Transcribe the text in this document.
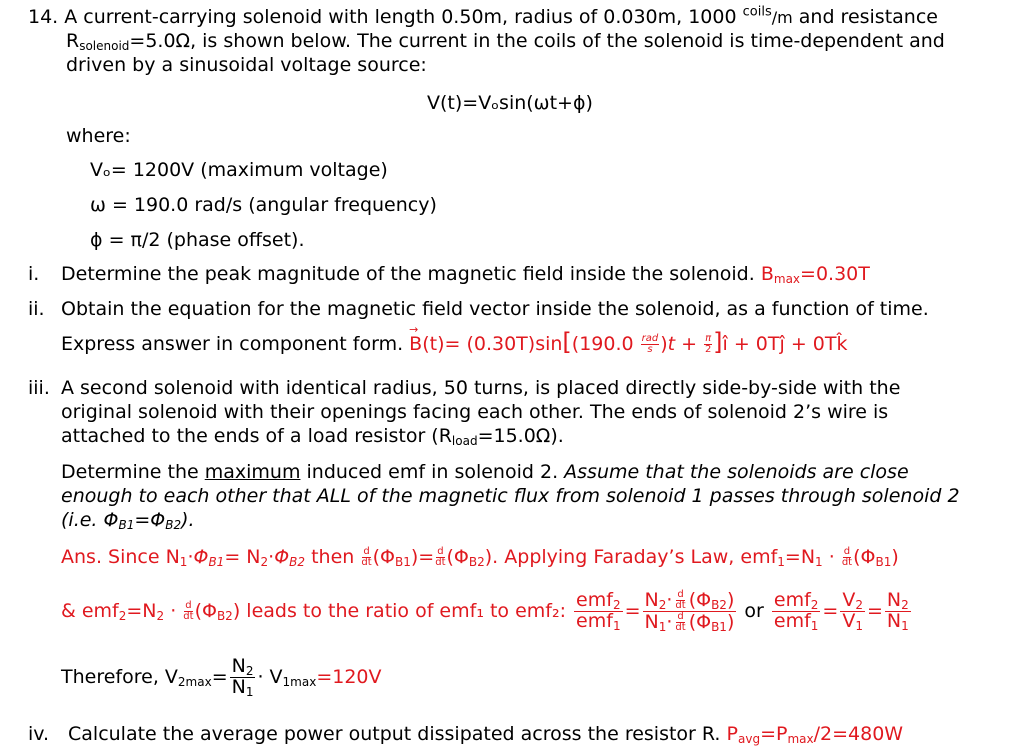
14. A current-carrying solenoid with length 0.50m, radius of 0.030m, 1000 $^{coils}$/m and resistance
$R_{solenoid}=5.0\Omega$, is shown below. The current in the coils of the solenoid is time-dependent and
driven by a sinusoidal voltage source:
V(t)=Vₒsin(ωt+ϕ)
where:
Vₒ= 1200V (maximum voltage)
ω = 190.0 rad/s (angular frequency)
ϕ = π/2 (phase offset).
i. Determine the peak magnitude of the magnetic field inside the solenoid. $B_{max}=0.30T$
ii. Obtain the equation for the magnetic field vector inside the solenoid, as a function of time.
Express answer in component form. → B(t)= (0.30T)sin[(190.0 rad
s )$t + \frac{\pi}{2}$ ]î + 0Tĵ + 0Tk̂
iii. A second solenoid with identical radius, 50 turns, is placed directly side-by-side with the
original solenoid with their openings facing each other. The ends of solenoid 2’s wire is
attached to the ends of a load resistor $(R_{load}=15.0\Omega)$.
Determine the maximum induced emf in solenoid 2. Assume that the solenoids are close
enough to each other that ALL of the magnetic flux from solenoid 1 passes through solenoid 2
(i.e. $\Phi_{B1}=\Phi_{B2}$).
Ans. Since $N_1\cdot\Phi_{B1}= N_2\cdot\Phi_{B2}$ then $\frac{d}{dt} (\Phi_{B1})= \frac{d}{dt} (\Phi_{B2})$. Applying Faraday’s Law, $emf_1=N_1 \cdot \frac{d}{dt} (\Phi_{B1})$
& $emf_2=N_2 \cdot \frac{d}{dt} (\Phi_{B2})$ leads to the ratio of emf₁ to emf₂: $\frac{emf_2}{emf_1} = \frac{N_2\cdot \frac{d}{dt} (\Phi_{B2})}{N_1\cdot \frac{d}{dt} (\Phi_{B1})}$ or $\frac{emf_2}{emf_1} = \frac{V_2}{V_1} = \frac{N_2}{N_1}$
Therefore, $V_{2max}= \frac{N_2}{N_1} \cdot V_{1max}=120V$
iv. Calculate the average power output dissipated across the resistor R. $P_{avg}=P_{max}/2=480W$
